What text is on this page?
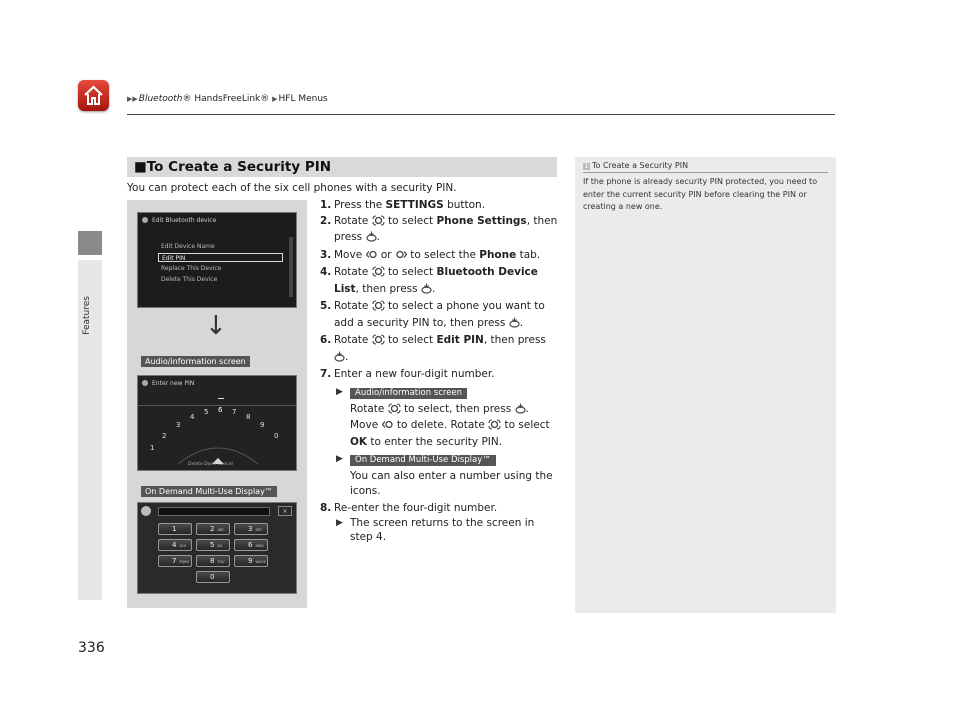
▶▶Bluetooth® HandsFreeLink® ▶HFL Menus
Features
336
■To Create a Security PIN
You can protect each of the six cell phones with a security PIN.
Edit Bluetooth device
Edit Device Name
Edit PIN
Replace This Device
Delete This Device
↓
Audio/information screen
Enter new PIN
1
2
3
4
5 6 7
8
9
0
Delete Done Cancel
On Demand Multi-Use Display™
×
1	2 ABC	3 DEF
4 GHI	5 JKL	6 MNO
7 PQRS	8 TUV	9 WXYZ
0
1. Press the SETTINGS button.
2. Rotate  to select Phone Settings, then press .
3. Move  or  to select the Phone tab.
4. Rotate  to select Bluetooth Device List, then press .
5. Rotate  to select a phone you want to add a security PIN to, then press .
6. Rotate  to select Edit PIN, then press .
7. Enter a new four-digit number.
▶ Audio/information screen
Rotate  to select, then press .
Move  to delete. Rotate  to select OK to enter the security PIN.
▶ On Demand Multi-Use Display™
You can also enter a number using the icons.
8. Re-enter the four-digit number.
▶ The screen returns to the screen in step 4.
1 To Create a Security PIN
If the phone is already security PIN protected, you need to enter the current security PIN before clearing the PIN or creating a new one.
